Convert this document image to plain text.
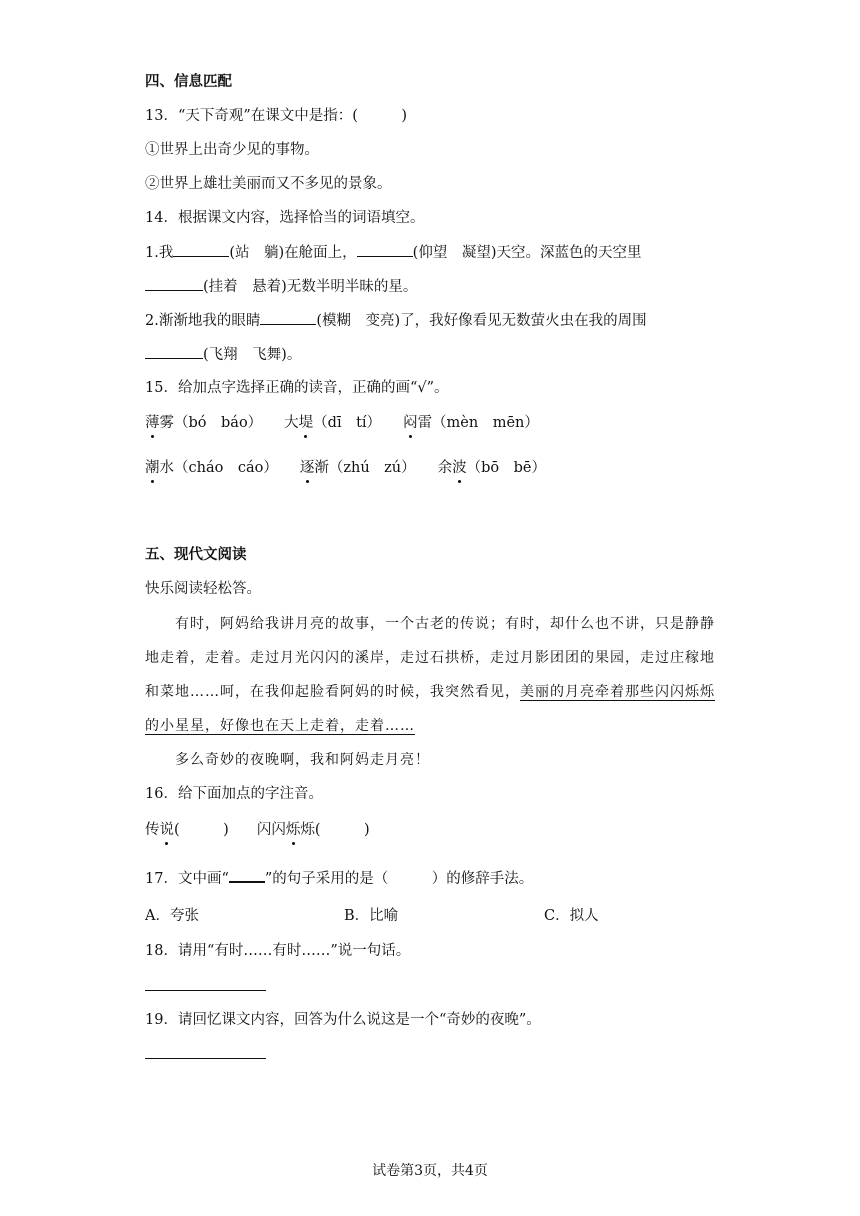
四、信息匹配
13．“天下奇观”在课文中是指：(　　　)
①世界上出奇少见的事物。
②世界上雄壮美丽而又不多见的景象。
14．根据课文内容，选择恰当的词语填空。
1.我	(站　躺)在舱面上，	(仰望　凝望)天空。深蓝色的天空里
(挂着　悬着)无数半明半昧的星。
2.渐渐地我的眼睛	(模糊　变亮)了，我好像看见无数萤火虫在我的周围
(飞翔　飞舞)。
15．给加点字选择正确的读音，正确的画“√”。
薄雾（bó　báo） 大堤（dī　tí） 闷雷（mèn　mēn）
潮水（cháo　cáo） 逐渐（zhú　zú） 余波（bō　bē）
五、现代文阅读
快乐阅读轻松答。
有时，阿妈给我讲月亮的故事，一个古老的传说；有时，却什么也不讲，只是静静
地走着，走着。走过月光闪闪的溪岸，走过石拱桥，走过月影团团的果园，走过庄稼地
和菜地……呵，在我仰起脸看阿妈的时候，我突然看见，美丽的月亮牵着那些闪闪烁烁
的小星星，好像也在天上走着，走着……
多么奇妙的夜晚啊，我和阿妈走月亮！
16．给下面加点的字注音。
传说(　　　) 闪闪烁烁(　　　)
17．文中画“ ”的句子采用的是（　　　）的修辞手法。
A．夸张	B．比喻	C．拟人
18．请用“有时……有时……”说一句话。
19．请回忆课文内容，回答为什么说这是一个“奇妙的夜晚”。
试卷第3页，共4页
